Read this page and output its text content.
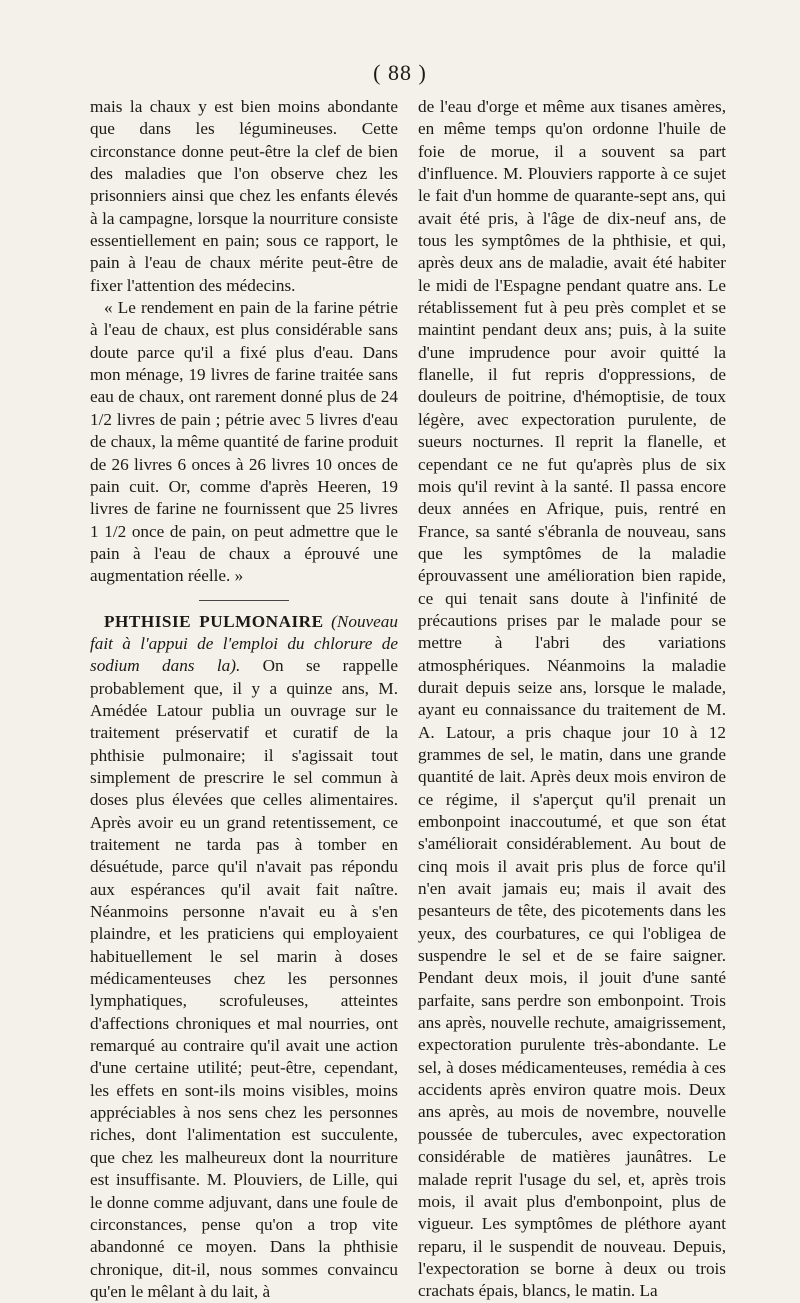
( 88 )

mais la chaux y est bien moins abondante que dans les légumineuses. Cette circonstance donne peut-être la clef de bien des maladies que l'on observe chez les prisonniers ainsi que chez les enfants élevés à la campagne, lorsque la nourriture consiste essentiellement en pain; sous ce rapport, le pain à l'eau de chaux mérite peut-être de fixer l'attention des médecins.

« Le rendement en pain de la farine pétrie à l'eau de chaux, est plus considérable sans doute parce qu'il a fixé plus d'eau. Dans mon ménage, 19 livres de farine traitée sans eau de chaux, ont rarement donné plus de 24 1/2 livres de pain ; pétrie avec 5 livres d'eau de chaux, la même quantité de farine produit de 26 livres 6 onces à 26 livres 10 onces de pain cuit. Or, comme d'après Heeren, 19 livres de farine ne fournissent que 25 livres 1 1/2 once de pain, on peut admettre que le pain à l'eau de chaux a éprouvé une augmentation réelle. »

PHTHISIE PULMONAIRE (Nouveau fait à l'appui de l'emploi du chlorure de sodium dans la). On se rappelle probablement que, il y a quinze ans, M. Amédée Latour publia un ouvrage sur le traitement préservatif et curatif de la phthisie pulmonaire; il s'agissait tout simplement de prescrire le sel commun à doses plus élevées que celles alimentaires. Après avoir eu un grand retentissement, ce traitement ne tarda pas à tomber en désuétude, parce qu'il n'avait pas répondu aux espérances qu'il avait fait naître. Néanmoins personne n'avait eu à s'en plaindre, et les praticiens qui employaient habituellement le sel marin à doses médicamenteuses chez les personnes lymphatiques, scrofuleuses, atteintes d'affections chroniques et mal nourries, ont remarqué au contraire qu'il avait une action d'une certaine utilité; peut-être, cependant, les effets en sont-ils moins visibles, moins appréciables à nos sens chez les personnes riches, dont l'alimentation est succulente, que chez les malheureux dont la nourriture est insuffisante. M. Plouviers, de Lille, qui le donne comme adjuvant, dans une foule de circonstances, pense qu'on a trop vite abandonné ce moyen. Dans la phthisie chronique, dit-il, nous sommes convaincu qu'en le mêlant à du lait, à

de l'eau d'orge et même aux tisanes amères, en même temps qu'on ordonne l'huile de foie de morue, il a souvent sa part d'influence. M. Plouviers rapporte à ce sujet le fait d'un homme de quarante-sept ans, qui avait été pris, à l'âge de dix-neuf ans, de tous les symptômes de la phthisie, et qui, après deux ans de maladie, avait été habiter le midi de l'Espagne pendant quatre ans. Le rétablissement fut à peu près complet et se maintint pendant deux ans; puis, à la suite d'une imprudence pour avoir quitté la flanelle, il fut repris d'oppressions, de douleurs de poitrine, d'hémoptisie, de toux légère, avec expectoration purulente, de sueurs nocturnes. Il reprit la flanelle, et cependant ce ne fut qu'après plus de six mois qu'il revint à la santé. Il passa encore deux années en Afrique, puis, rentré en France, sa santé s'ébranla de nouveau, sans que les symptômes de la maladie éprouvassent une amélioration bien rapide, ce qui tenait sans doute à l'infinité de précautions prises par le malade pour se mettre à l'abri des variations atmosphériques. Néanmoins la maladie durait depuis seize ans, lorsque le malade, ayant eu connaissance du traitement de M. A. Latour, a pris chaque jour 10 à 12 grammes de sel, le matin, dans une grande quantité de lait. Après deux mois environ de ce régime, il s'aperçut qu'il prenait un embonpoint inaccoutumé, et que son état s'améliorait considérablement. Au bout de cinq mois il avait pris plus de force qu'il n'en avait jamais eu; mais il avait des pesanteurs de tête, des picotements dans les yeux, des courbatures, ce qui l'obligea de suspendre le sel et de se faire saigner. Pendant deux mois, il jouit d'une santé parfaite, sans perdre son embonpoint. Trois ans après, nouvelle rechute, amaigrissement, expectoration purulente très-abondante. Le sel, à doses médicamenteuses, remédia à ces accidents après environ quatre mois. Deux ans après, au mois de novembre, nouvelle poussée de tubercules, avec expectoration considérable de matières jaunâtres. Le malade reprit l'usage du sel, et, après trois mois, il avait plus d'embonpoint, plus de vigueur. Les symptômes de pléthore ayant reparu, il le suspendit de nouveau. Depuis, l'expectoration se borne à deux ou trois crachats épais, blancs, le matin. La
